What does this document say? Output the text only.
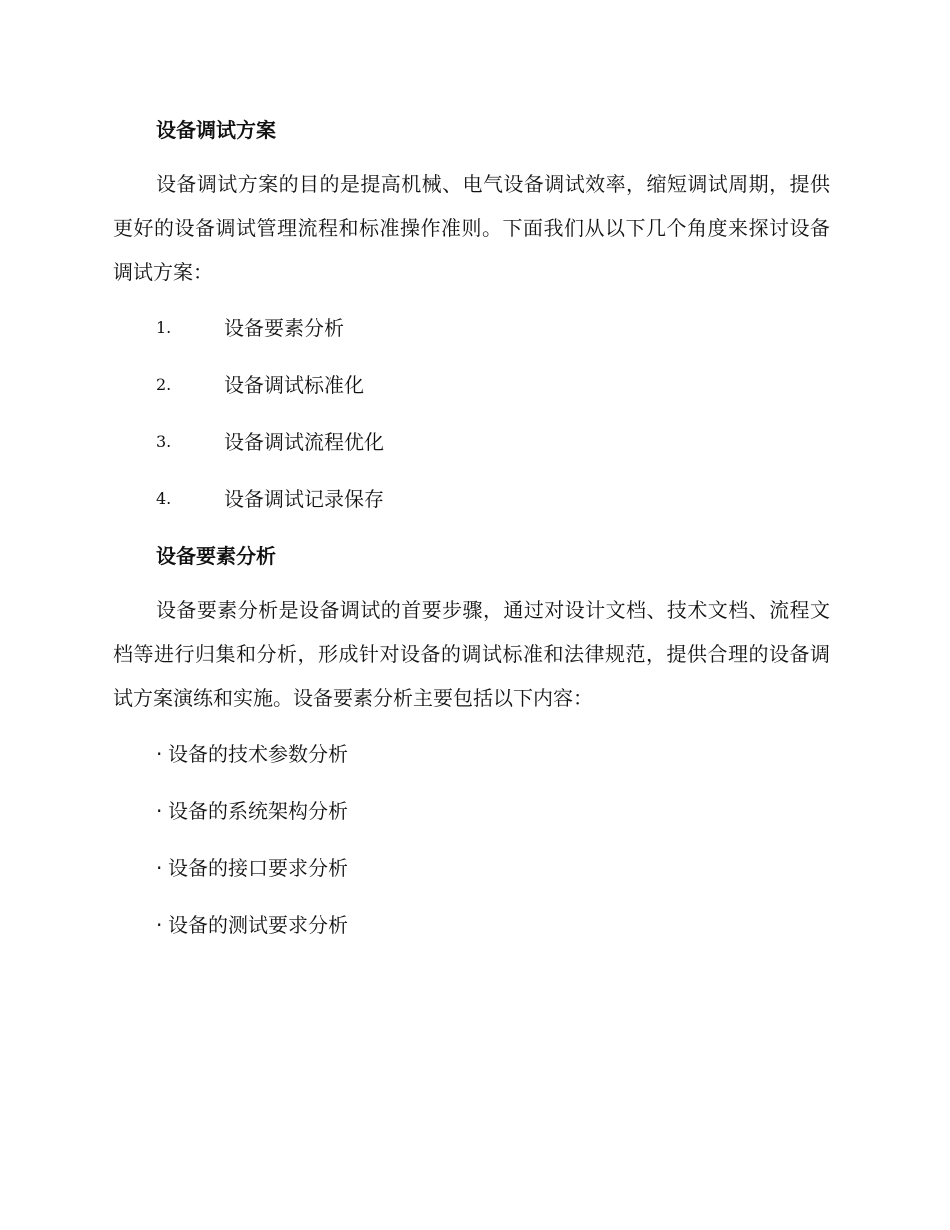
设备调试方案

设备调试方案的目的是提高机械、电气设备调试效率，缩短调试周期，提供更好的设备调试管理流程和标准操作准则。下面我们从以下几个角度来探讨设备调试方案：

1.	设备要素分析
2.	设备调试标准化
3.	设备调试流程优化
4.	设备调试记录保存
设备要素分析

设备要素分析是设备调试的首要步骤，通过对设计文档、技术文档、流程文档等进行归集和分析，形成针对设备的调试标准和法律规范，提供合理的设备调试方案演练和实施。设备要素分析主要包括以下内容：

· 设备的技术参数分析
· 设备的系统架构分析
· 设备的接口要求分析
· 设备的测试要求分析
